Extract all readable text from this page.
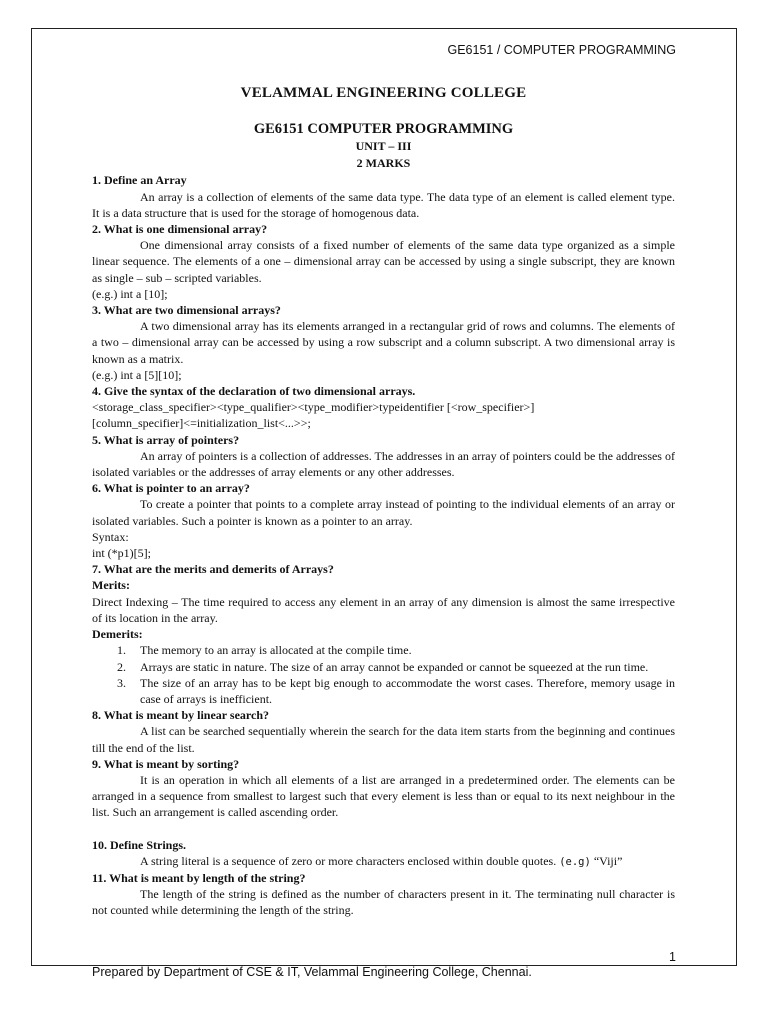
GE6151 / COMPUTER PROGRAMMING
VELAMMAL ENGINEERING COLLEGE
GE6151 COMPUTER PROGRAMMING
UNIT – III
2 MARKS

1. Define an Array

An array is a collection of elements of the same data type. The data type of an element is called element type. It is a data structure that is used for the storage of homogenous data.

2. What is one dimensional array?

One dimensional array consists of a fixed number of elements of the same data type organized as a simple linear sequence. The elements of a one – dimensional array can be accessed by using a single subscript, they are known as single – sub – scripted variables.

(e.g.) int a [10];

3. What are two dimensional arrays?

A two dimensional array has its elements arranged in a rectangular grid of rows and columns. The elements of a two – dimensional array can be accessed by using a row subscript and a column subscript. A two dimensional array is known as a matrix.

(e.g.) int a [5][10];

4. Give the syntax of the declaration of two dimensional arrays.

<storage_class_specifier><type_qualifier><type_modifier>typeidentifier [<row_specifier>]

[column_specifier]<=initialization_list<...>>;

5. What is array of pointers?

An array of pointers is a collection of addresses. The addresses in an array of pointers could be the addresses of isolated variables or the addresses of array elements or any other addresses.

6. What is pointer to an array?

To create a pointer that points to a complete array instead of pointing to the individual elements of an array or isolated variables. Such a pointer is known as a pointer to an array.

Syntax:

int (*p1)[5];

7. What are the merits and demerits of Arrays?

Merits:

Direct Indexing – The time required to access any element in an array of any dimension is almost the same irrespective of its location in the array.

Demerits:

1.	The memory to an array is allocated at the compile time.
2.	Arrays are static in nature. The size of an array cannot be expanded or cannot be squeezed at the run time.
3.	The size of an array has to be kept big enough to accommodate the worst cases. Therefore, memory usage in case of arrays is inefficient.

8. What is meant by linear search?

A list can be searched sequentially wherein the search for the data item starts from the beginning and continues till the end of the list.

9. What is meant by sorting?

It is an operation in which all elements of a list are arranged in a predetermined order. The elements can be arranged in a sequence from smallest to largest such that every element is less than or equal to its next neighbour in the list. Such an arrangement is called ascending order.

10. Define Strings.

A string literal is a sequence of zero or more characters enclosed within double quotes. (e.g) “Viji”

11. What is meant by length of the string?

The length of the string is defined as the number of characters present in it. The terminating null character is not counted while determining the length of the string.

1
Prepared by Department of CSE & IT, Velammal Engineering College, Chennai.
